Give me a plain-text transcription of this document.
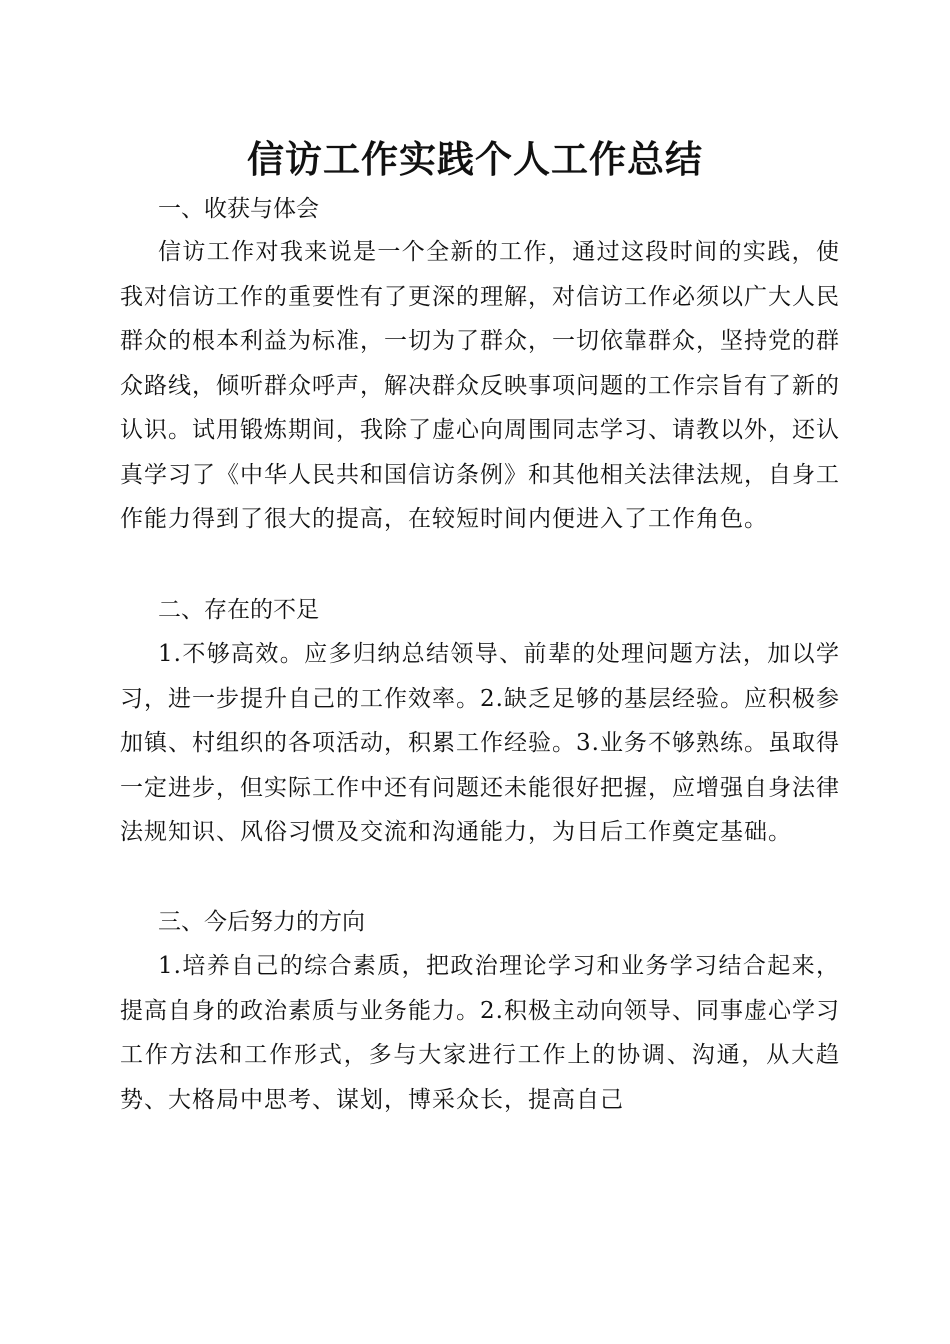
信访工作实践个人工作总结
一、收获与体会

信访工作对我来说是一个全新的工作，通过这段时间的实践，使我对信访工作的重要性有了更深的理解，对信访工作必须以广大人民群众的根本利益为标准，一切为了群众，一切依靠群众，坚持党的群众路线，倾听群众呼声，解决群众反映事项问题的工作宗旨有了新的认识。试用锻炼期间，我除了虚心向周围同志学习、请教以外，还认真学习了《中华人民共和国信访条例》和其他相关法律法规，自身工作能力得到了很大的提高，在较短时间内便进入了工作角色。

二、存在的不足

1.不够高效。应多归纳总结领导、前辈的处理问题方法，加以学习，进一步提升自己的工作效率。2.缺乏足够的基层经验。应积极参加镇、村组织的各项活动，积累工作经验。3.业务不够熟练。虽取得一定进步，但实际工作中还有问题还未能很好把握，应增强自身法律法规知识、风俗习惯及交流和沟通能力，为日后工作奠定基础。

三、今后努力的方向

1.培养自己的综合素质，把政治理论学习和业务学习结合起来，提高自身的政治素质与业务能力。2.积极主动向领导、同事虚心学习工作方法和工作形式，多与大家进行工作上的协调、沟通，从大趋势、大格局中思考、谋划，博采众长，提高自己
